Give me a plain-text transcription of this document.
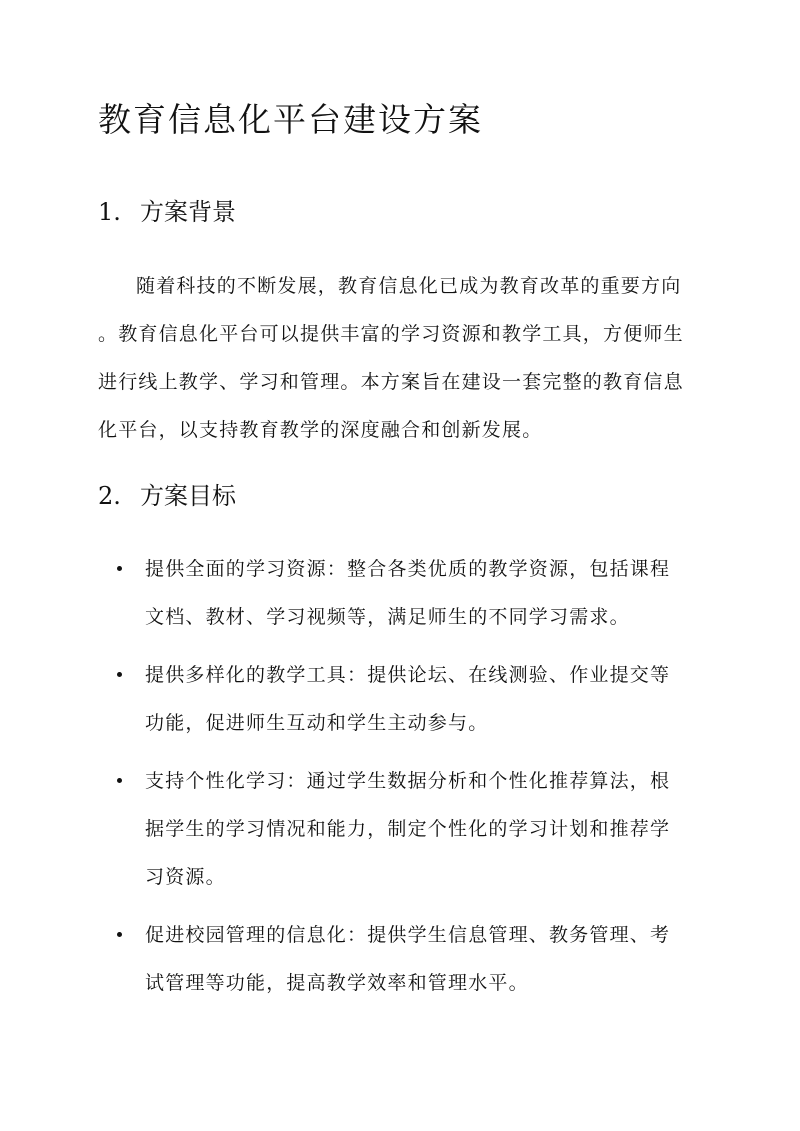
教育信息化平台建设方案
1. 方案背景
随着科技的不断发展，教育信息化已成为教育改革的重要方向
。教育信息化平台可以提供丰富的学习资源和教学工具，方便师生
进行线上教学、学习和管理。本方案旨在建设一套完整的教育信息
化平台，以支持教育教学的深度融合和创新发展。
2. 方案目标
提供全面的学习资源：整合各类优质的教学资源，包括课程
文档、教材、学习视频等，满足师生的不同学习需求。
提供多样化的教学工具：提供论坛、在线测验、作业提交等
功能，促进师生互动和学生主动参与。
支持个性化学习：通过学生数据分析和个性化推荐算法，根
据学生的学习情况和能力，制定个性化的学习计划和推荐学
习资源。
促进校园管理的信息化：提供学生信息管理、教务管理、考
试管理等功能，提高教学效率和管理水平。
